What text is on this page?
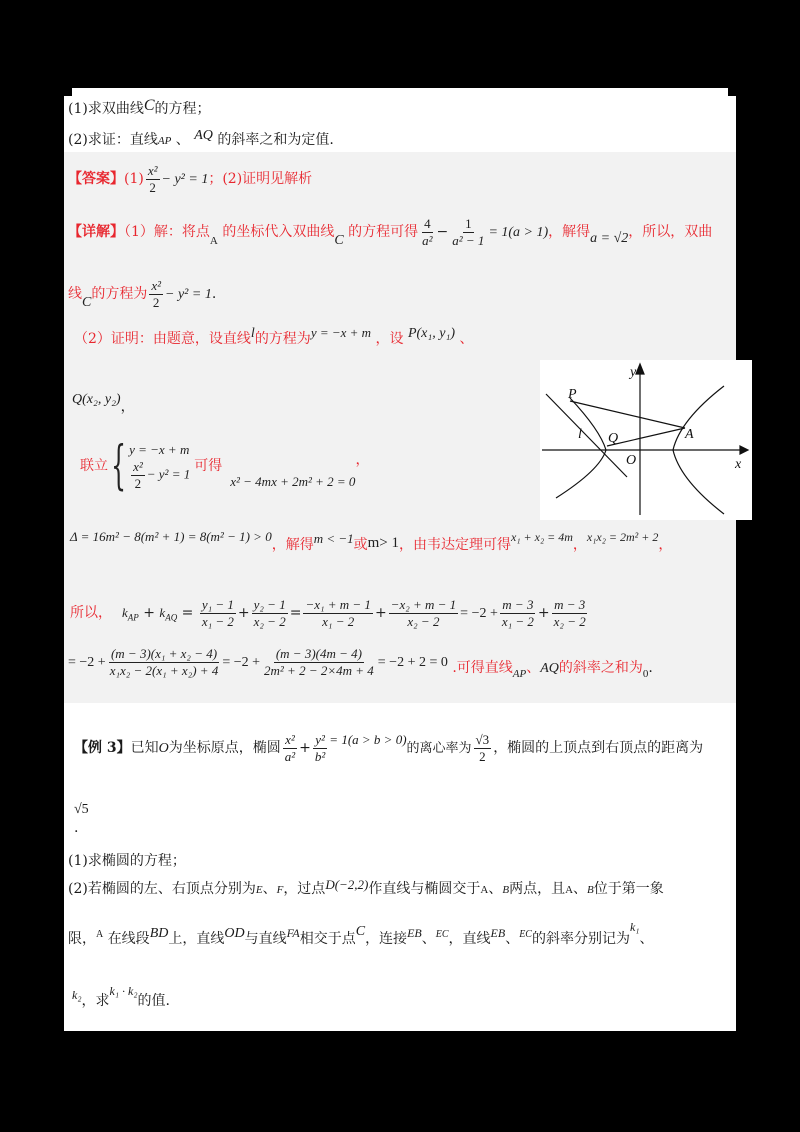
(1)求双曲线C的方程；
(2)求证：直线AP 、 AQ 的斜率之和为定值.
【答案】$(1) \frac{\text{x²}}{2} - y^2 = 1$；(2)证明见解析
【详解】（1）解：将点$_A$ 的坐标代入双曲线C 的方程可得 $\frac{4}{\text{a²}} - \frac{1}{\text{a² − 1}} = 1(a > 1)$，解得a = √2，所以，双曲
线C的方程为 $\frac{\text{x²}}{2} - y^2 = 1$.
（2）证明：由题意，设直线l的方程为y = −x + m ，设 P(x₁, y₁) 、
Q(x₂, y₂)，
联立 { y = −x + m
$\frac{\text{x²}}{2} - y^2 = 1$ 可得
x² − 4mx + 2m² + 2 = 0
，
Δ = 16m² − 8(m² + 1) = 8(m² − 1) > 0，解得m < −1或m> 1，由韦达定理可得x₁ + x₂ = 4m，x₁x₂ = 2m² + 2，
所以， $k_{AP} + k_{AQ} = \frac{\text{y₁ − 1}}{\text{x₁ − 2}} + \frac{\text{y₂ − 1}}{\text{x₂ − 2}} = \frac{\text{−x₁ + m − 1}}{\text{x₁ − 2}} + \frac{\text{−x₂ + m − 1}}{\text{x₂ − 2}} = -2 + \frac{m - 3}{\text{x₁ − 2}} + \frac{m - 3}{\text{x₂ − 2}}$
= $-2 + \frac{\text{(m − 3)(x₁ + x₂ − 4)}}{\text{x₁x₂ − 2(x₁ + x₂) + 4}} = -2 + \frac{(m - 3)(4m - 4)}{\text{2m² + 2 − 2×4m + 4}} = -2 + 2 = 0$ .可得直线$_{AP}$、AQ的斜率之和为$_0$.
y
x
P
l Q	A
O
【例 3】已知O为坐标原点，椭圆 $\frac{\text{x²}}{\text{a²}} + \frac{\text{y²}}{\text{b²}} = 1(a > b > 0)$的离心率为 $\frac{√3}{2}$ ，椭圆的上顶点到右顶点的距离为
√5
.
(1)求椭圆的方程；
(2)若椭圆的左、右顶点分别为E、F，过点D(−2,2)作直线与椭圆交于A、B两点，且A、B位于第一象
限，$^A$ 在线段BD上，直线OD与直线FA相交于点C，连接EB、$^{EC}$，直线EB、$^{EC}$的斜率分别记为k₁、
k₂，求k₁ · k₂的值.
